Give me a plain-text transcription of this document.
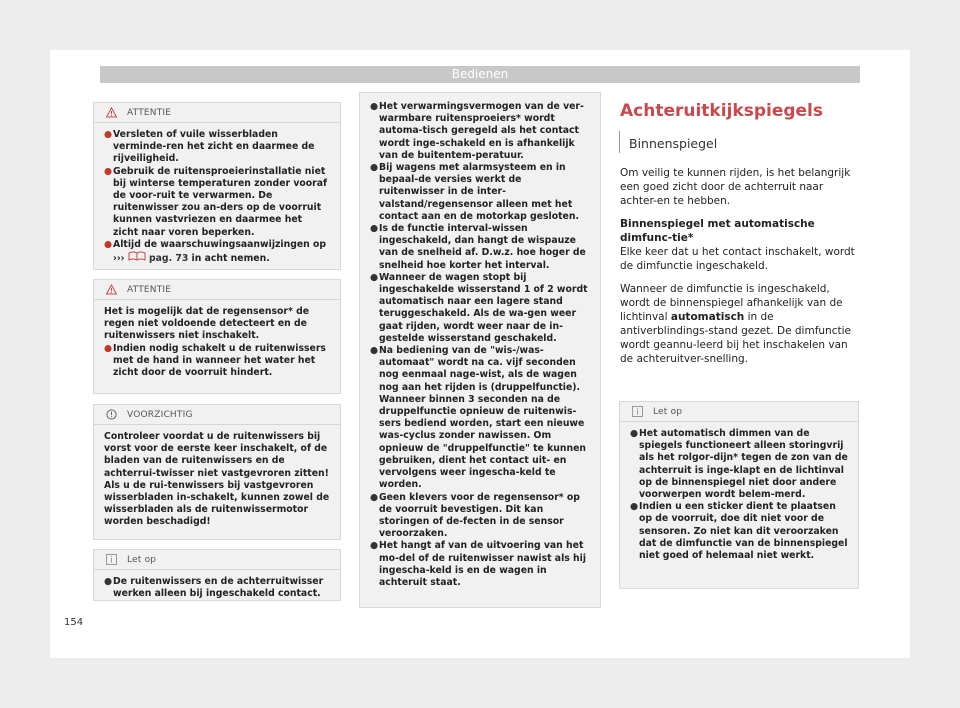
Bedienen
ATTENTIE

● Versleten of vuile wisserbladen verminde-ren het zicht en daarmee de rijveiligheid.

● Gebruik de ruitensproeierinstallatie niet bij winterse temperaturen zonder vooraf de voor-ruit te verwarmen. De ruitenwisser zou an-ders op de voorruit kunnen vastvriezen en daarmee het zicht naar voren beperken.

● Altijd de waarschuwingsaanwijzingen op
›››	pag. 73 in acht nemen.

ATTENTIE

Het is mogelijk dat de regensensor* de regen niet voldoende detecteert en de ruitenwissers niet inschakelt.

● Indien nodig schakelt u de ruitenwissers met de hand in wanneer het water het zicht door de voorruit hindert.

VOORZICHTIG

Controleer voordat u de ruitenwissers bij vorst voor de eerste keer inschakelt, of de bladen van de ruitenwissers en de achterrui-twisser niet vastgevroren zitten! Als u de rui-tenwissers bij vastgevroren wisserbladen in-schakelt, kunnen zowel de wisserbladen als de ruitenwissermotor worden beschadigd!

Let op

● De ruitenwissers en de achterruitwisser werken alleen bij ingeschakeld contact.

● Het verwarmingsvermogen van de ver-warmbare ruitensproeiers* wordt automa-tisch geregeld als het contact wordt inge-schakeld en is afhankelijk van de buitentem-peratuur.

● Bij wagens met alarmsysteem en in bepaal-de versies werkt de ruitenwisser in de inter-valstand/regensensor alleen met het contact aan en de motorkap gesloten.

● Is de functie interval-wissen ingeschakeld, dan hangt de wispauze van de snelheid af. D.w.z. hoe hoger de snelheid hoe korter het interval.

● Wanneer de wagen stopt bij ingeschakelde wisserstand 1 of 2 wordt automatisch naar een lagere stand teruggeschakeld. Als de wa-gen weer gaat rijden, wordt weer naar de in-gestelde wisserstand geschakeld.

● Na bediening van de "wis-/was-automaat" wordt na ca. vijf seconden nog eenmaal nage-wist, als de wagen nog aan het rijden is (druppelfunctie). Wanneer binnen 3 seconden na de druppelfunctie opnieuw de ruitenwis-sers bediend worden, start een nieuwe was-cyclus zonder nawissen. Om opnieuw de "druppelfunctie" te kunnen gebruiken, dient het contact uit- en vervolgens weer ingescha-keld te worden.

● Geen klevers voor de regensensor* op de voorruit bevestigen. Dit kan storingen of de-fecten in de sensor veroorzaken.

● Het hangt af van de uitvoering van het mo-del of de ruitenwisser nawist als hij ingescha-keld is en de wagen in achteruit staat.

Achteruitkijkspiegels
Binnenspiegel

Om veilig te kunnen rijden, is het belangrijk een goed zicht door de achterruit naar achter-en te hebben.

Binnenspiegel met automatische dimfunc-tie*

Elke keer dat u het contact inschakelt, wordt de dimfunctie ingeschakeld.

Wanneer de dimfunctie is ingeschakeld, wordt de binnenspiegel afhankelijk van de lichtinval automatisch in de antiverblindings-stand gezet. De dimfunctie wordt geannu-leerd bij het inschakelen van de achteruitver-snelling.

Let op

● Het automatisch dimmen van de spiegels functioneert alleen storingvrij als het rolgor-dijn* tegen de zon van de achterruit is inge-klapt en de lichtinval op de binnenspiegel niet door andere voorwerpen wordt belem-merd.

● Indien u een sticker dient te plaatsen op de voorruit, doe dit niet voor de sensoren. Zo niet kan dit veroorzaken dat de dimfunctie van de binnenspiegel niet goed of helemaal niet werkt.

154
